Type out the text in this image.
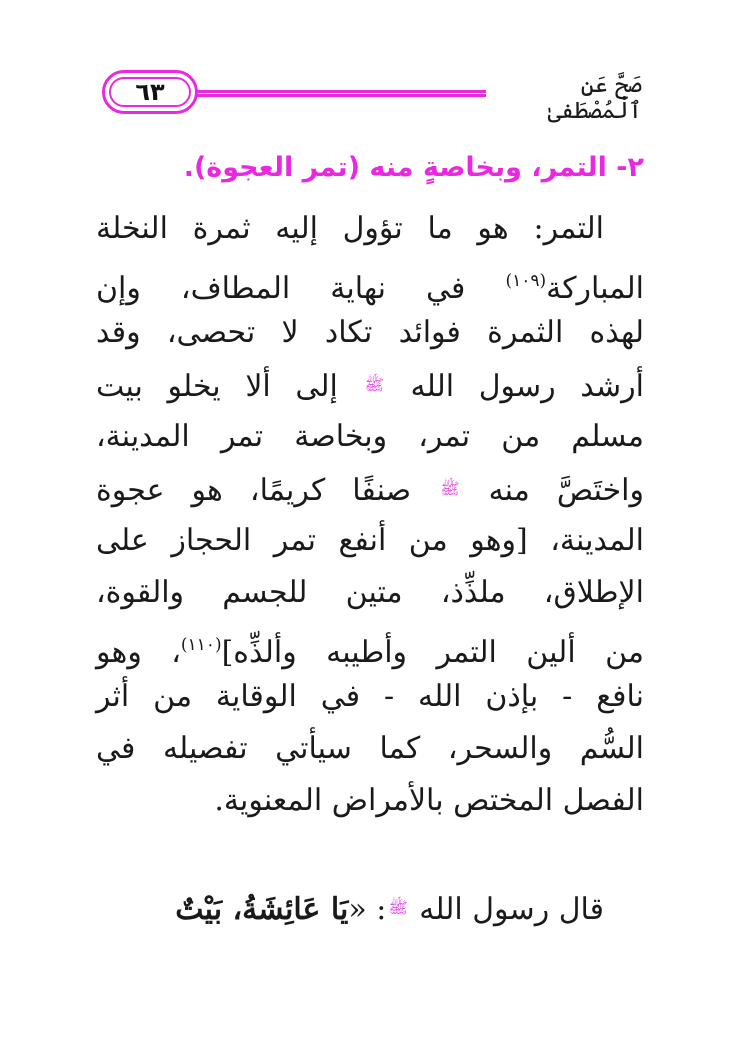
٦٣	صَحَّ عَنِ ٱلْمُصْطَفىٰ
٢- التمر، وبخاصةٍ منه (تمر العجوة).
التمر: هو ما تؤول إليه ثمرة النخلة
المباركة$^{(١٠٩)}$ في نهاية المطاف، وإن
لهذه الثمرة فوائد تكاد لا تحصى، وقد
أرشد رسول الله $^ﷺ$ إلى ألا يخلو بيت
مسلم من تمر، وبخاصة تمر المدينة،
واختَصَّ منه $^ﷺ$ صنفًا كريمًا، هو عجوة
المدينة، [وهو من أنفع تمر الحجاز على
الإطلاق، ملذِّذ، متين للجسم والقوة،
من ألين التمر وأطيبه وألذِّه]$^{(١١٠)}$، وهو
نافع - بإذن الله - في الوقاية من أثر
السُّم والسحر، كما سيأتي تفصيله في
الفصل المختص بالأمراض المعنوية.
قال رسول الله $^ﷺ$: «يَا عَائِشَةُ، بَيْتٌ
